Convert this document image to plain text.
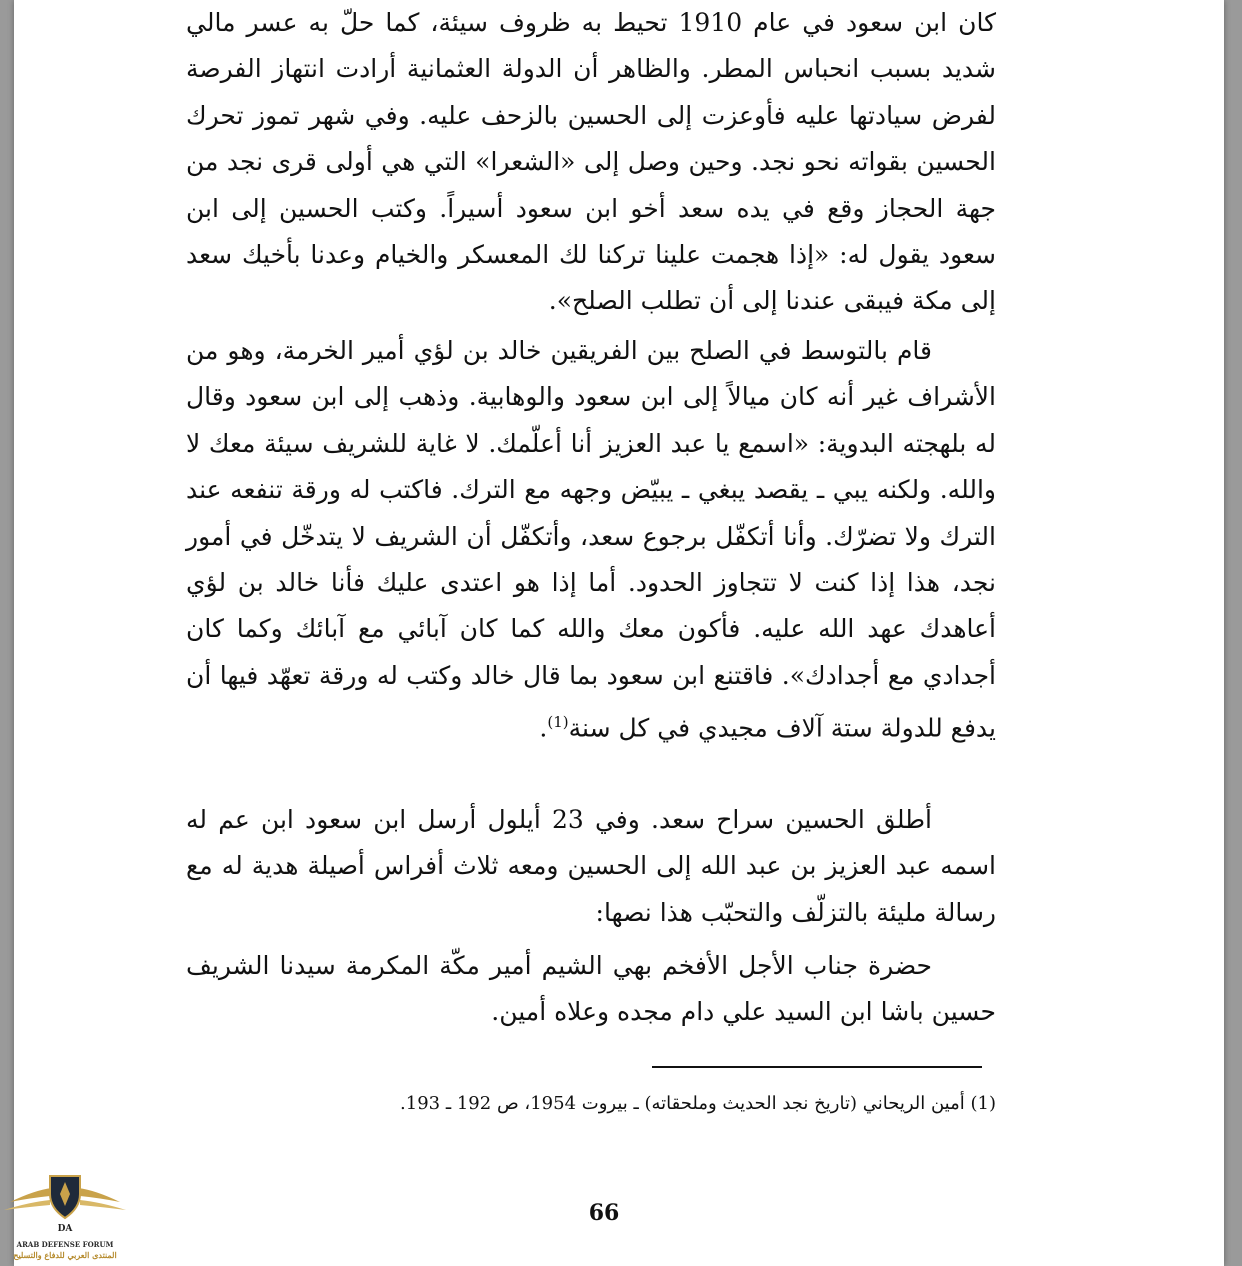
كان ابن سعود في عام 1910 تحيط به ظروف سيئة، كما حلّ به عسر مالي شديد بسبب انحباس المطر. والظاهر أن الدولة العثمانية أرادت انتهاز الفرصة لفرض سيادتها عليه فأوعزت إلى الحسين بالزحف عليه. وفي شهر تموز تحرك الحسين بقواته نحو نجد. وحين وصل إلى «الشعرا» التي هي أولى قرى نجد من جهة الحجاز وقع في يده سعد أخو ابن سعود أسيراً. وكتب الحسين إلى ابن سعود يقول له: «إذا هجمت علينا تركنا لك المعسكر والخيام وعدنا بأخيك سعد إلى مكة فيبقى عندنا إلى أن تطلب الصلح».

قام بالتوسط في الصلح بين الفريقين خالد بن لؤي أمير الخرمة، وهو من الأشراف غير أنه كان ميالاً إلى ابن سعود والوهابية. وذهب إلى ابن سعود وقال له بلهجته البدوية: «اسمع يا عبد العزيز أنا أعلّمك. لا غاية للشريف سيئة معك لا والله. ولكنه يبي ـ يقصد يبغي ـ يبيّض وجهه مع الترك. فاكتب له ورقة تنفعه عند الترك ولا تضرّك. وأنا أتكفّل برجوع سعد، وأتكفّل أن الشريف لا يتدخّل في أمور نجد، هذا إذا كنت لا تتجاوز الحدود. أما إذا هو اعتدى عليك فأنا خالد بن لؤي أعاهدك عهد الله عليه. فأكون معك والله كما كان آبائي مع آبائك وكما كان أجدادي مع أجدادك». فاقتنع ابن سعود بما قال خالد وكتب له ورقة تعهّد فيها أن يدفع للدولة ستة آلاف مجيدي في كل سنة$^{(1)}$.

أطلق الحسين سراح سعد. وفي 23 أيلول أرسل ابن سعود ابن عم له اسمه عبد العزيز بن عبد الله إلى الحسين ومعه ثلاث أفراس أصيلة هدية له مع رسالة مليئة بالتزلّف والتحبّب هذا نصها:

حضرة جناب الأجل الأفخم بهي الشيم أمير مكّة المكرمة سيدنا الشريف حسين باشا ابن السيد علي دام مجده وعلاه أمين.

(1) أمين الريحاني (تاريخ نجد الحديث وملحقاته) ـ بيروت 1954، ص 192 ـ 193.
66
DA
ARAB DEFENSE FORUM
المنتدى العربي للدفاع والتسليح
